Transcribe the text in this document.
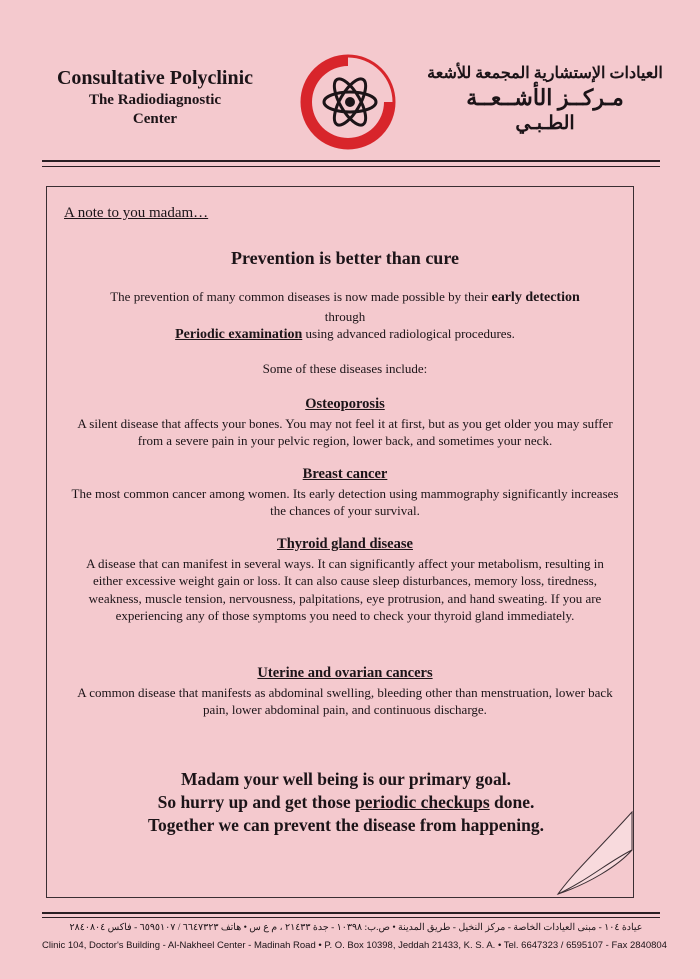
Consultative Polyclinic
The Radiodiagnostic
Center
العيادات الإستشارية المجمعة للأشعة
مـركــز الأشــعــة
الطـبـي
A note to you madam…
Prevention is better than cure
The prevention of many common diseases is now made possible by their early detection
through
Periodic examination using advanced radiological procedures.
Some of these diseases include:
Osteoporosis
A silent disease that affects your bones. You may not feel it at first, but as you get older you may suffer from a severe pain in your pelvic region, lower back, and sometimes your neck.
Breast cancer
The most common cancer among women. Its early detection using mammography significantly increases the chances of your survival.
Thyroid gland disease
A disease that can manifest in several ways. It can significantly affect your metabolism, resulting in either excessive weight gain or loss. It can also cause sleep disturbances, memory loss, tiredness, weakness, muscle tension, nervousness, palpitations, eye protrusion, and hand sweating. If you are experiencing any of those symptoms you need to check your thyroid gland immediately.
Uterine and ovarian cancers
A common disease that manifests as abdominal swelling, bleeding other than menstruation, lower back pain, lower abdominal pain, and continuous discharge.
Madam your well being is our primary goal.
So hurry up and get those periodic checkups done.
Together we can prevent the disease from happening.
عيادة ١٠٤ - مبنى العيادات الخاصة - مركز النخيل - طريق المدينة • ص.ب: ١٠٣٩٨ - جدة ٢١٤٣٣ ، م ع س • هاتف ٦٦٤٧٣٢٣ / ٦٥٩٥١٠٧ - فاكس ٢٨٤٠٨٠٤
Clinic 104, Doctor's Building - Al-Nakheel Center - Madinah Road • P. O. Box 10398, Jeddah 21433, K. S. A. • Tel. 6647323 / 6595107 - Fax 2840804
